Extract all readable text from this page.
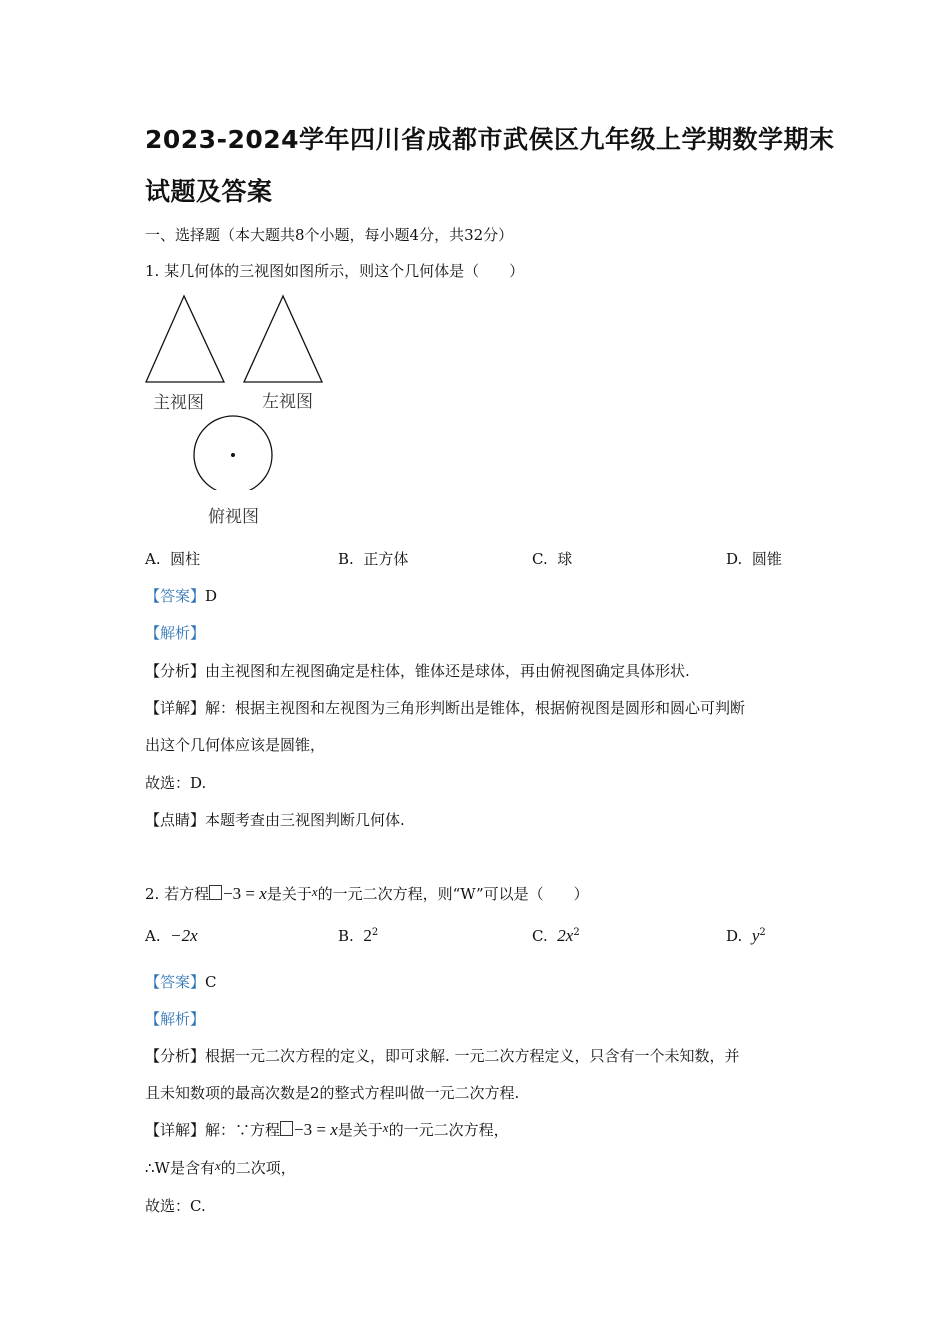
2023-2024学年四川省成都市武侯区九年级上学期数学期末
试题及答案
一、选择题（本大题共8个小题，每小题4分，共32分）
1. 某几何体的三视图如图所示，则这个几何体是（　　）
主视图	左视图
俯视图
A. 圆柱	B. 正方体	C. 球	D. 圆锥
【答案】D
【解析】
【分析】由主视图和左视图确定是柱体，锥体还是球体，再由俯视图确定具体形状.
【详解】解：根据主视图和左视图为三角形判断出是锥体，根据俯视图是圆形和圆心可判断
出这个几何体应该是圆锥，
故选：D.
【点睛】本题考查由三视图判断几何体.
2. 若方程 −3 = x是关于x的一元二次方程，则“W”可以是（　　）
A. −2x	B. $2^2$	C. $2x^2$	D. $y^2$
【答案】C
【解析】
【分析】根据一元二次方程的定义，即可求解. 一元二次方程定义，只含有一个未知数，并
且未知数项的最高次数是2的整式方程叫做一元二次方程.
【详解】解：∵方程 −3 = x是关于x的一元二次方程，
∴W是含有x的二次项，
故选：C.
